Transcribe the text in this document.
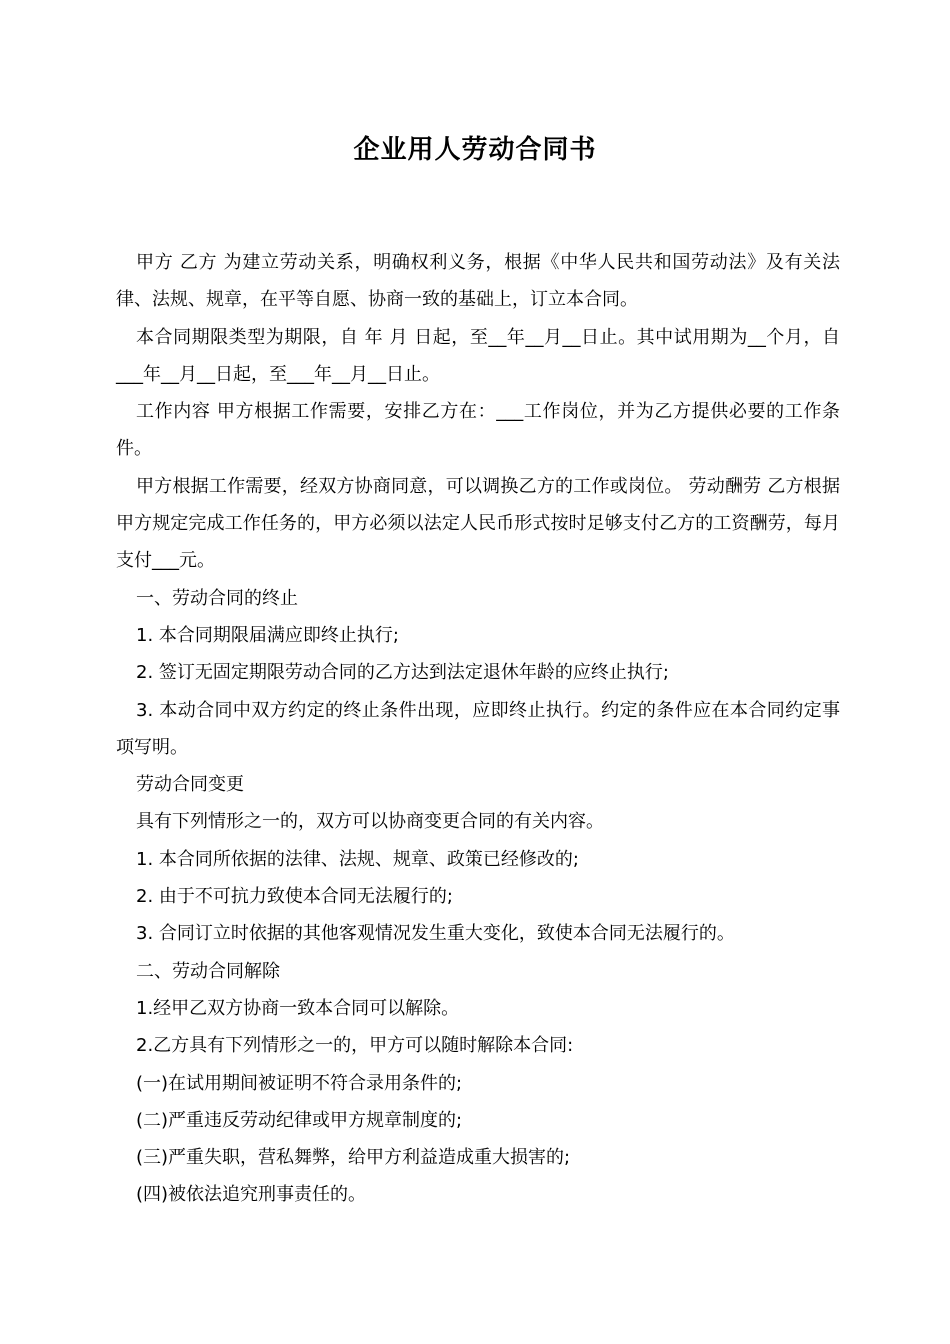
企业用人劳动合同书

甲方 乙方 为建立劳动关系，明确权利义务，根据《中华人民共和国劳动法》及有关法律、法规、规章，在平等自愿、协商一致的基础上，订立本合同。

本合同期限类型为期限，自 年 月 日起，至__年__月__日止。其中试用期为__个月，自___年__月__日起，至___年__月__日止。

工作内容 甲方根据工作需要，安排乙方在：___工作岗位，并为乙方提供必要的工作条件。

甲方根据工作需要，经双方协商同意，可以调换乙方的工作或岗位。 劳动酬劳 乙方根据甲方规定完成工作任务的，甲方必须以法定人民币形式按时足够支付乙方的工资酬劳，每月支付___元。

一、劳动合同的终止

1. 本合同期限届满应即终止执行;

2. 签订无固定期限劳动合同的乙方达到法定退休年龄的应终止执行;

3. 本动合同中双方约定的终止条件出现，应即终止执行。约定的条件应在本合同约定事项写明。

劳动合同变更

具有下列情形之一的，双方可以协商变更合同的有关内容。

1. 本合同所依据的法律、法规、规章、政策已经修改的;

2. 由于不可抗力致使本合同无法履行的;

3. 合同订立时依据的其他客观情况发生重大变化，致使本合同无法履行的。

二、劳动合同解除

1.经甲乙双方协商一致本合同可以解除。

2.乙方具有下列情形之一的，甲方可以随时解除本合同:

(一)在试用期间被证明不符合录用条件的;

(二)严重违反劳动纪律或甲方规章制度的;

(三)严重失职，营私舞弊，给甲方利益造成重大损害的;

(四)被依法追究刑事责任的。
